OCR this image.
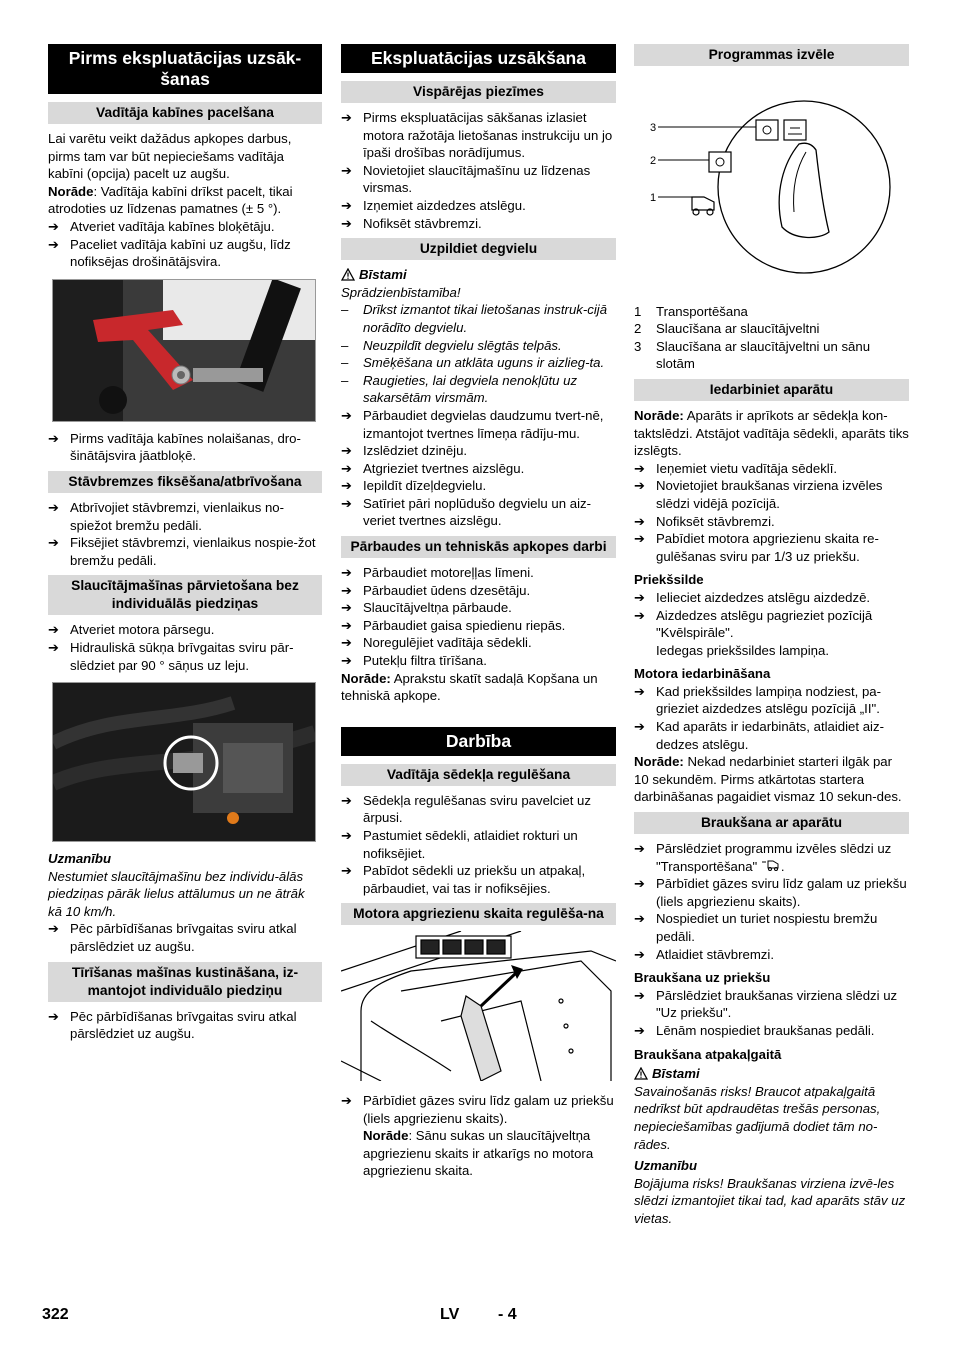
Pirms ekspluatācijas uzsāk-šanas
Vadītāja kabīnes pacelšana

Lai varētu veikt dažādus apkopes darbus, pirms tam var būt nepieciešams vadītāja kabīni (opcija) pacelt uz augšu.

Norāde: Vadītāja kabīni drīkst pacelt, tikai atrodoties uz līdzenas pamatnes (± 5 °).

➔ Atveriet vadītāja kabīnes bloķētāju.
➔ Paceliet vadītāja kabīni uz augšu, līdz nofiksējas drošinātājsvira.
➔ Pirms vadītāja kabīnes nolaišanas, dro-šinātājsvira jāatbloķē.
Stāvbremzes fiksēšana/atbrīvošana
➔ Atbrīvojiet stāvbremzi, vienlaikus no-spiežot bremžu pedāli.
➔ Fiksējiet stāvbremzi, vienlaikus nospie-žot bremžu pedāli.
Slaucītājmašīnas pārvietošana bez individuālās piedziņas
➔ Atveriet motora pārsegu.
➔ Hidrauliskā sūkņa brīvgaitas sviru pār-slēdziet par 90 ° sāņus uz leju.
Uzmanību

Nestumiet slaucītājmašīnu bez individu-ālās piedziņas pārāk lielus attālumus un ne ātrāk kā 10 km/h.

➔ Pēc pārbīdīšanas brīvgaitas sviru atkal pārslēdziet uz augšu.
Tīrīšanas mašīnas kustināšana, iz-mantojot individuālo piedziņu
➔ Pēc pārbīdīšanas brīvgaitas sviru atkal pārslēdziet uz augšu.
Ekspluatācijas uzsākšana
Vispārējas piezīmes
➔ Pirms ekspluatācijas sākšanas izlasiet motora ražotāja lietošanas instrukciju un jo īpaši drošības norādījumus.
➔ Novietojiet slaucītājmašīnu uz līdzenas virsmas.
➔ Izņemiet aizdedzes atslēgu.
➔ Nofiksēt stāvbremzi.
Uzpildiet degvielu
Bīstami

Sprādzienbīstamība!

– Drīkst izmantot tikai lietošanas instruk-cijā norādīto degvielu.
– Neuzpildīt degvielu slēgtās telpās.
– Smēķēšana un atklāta uguns ir aizlieg-ta.
– Raugieties, lai degviela nenokļūtu uz sakarsētām virsmām.
➔ Pārbaudiet degvielas daudzumu tvert-nē, izmantojot tvertnes līmeņa rādīju-mu.
➔ Izslēdziet dzinēju.
➔ Atgrieziet tvertnes aizslēgu.
➔ Iepildīt dīzeļdegvielu.
➔ Satīriet pāri noplūdušo degvielu un aiz-veriet tvertnes aizslēgu.
Pārbaudes un tehniskās apkopes darbi
➔ Pārbaudiet motoreļļas līmeni.
➔ Pārbaudiet ūdens dzesētāju.
➔ Slaucītājveltņa pārbaude.
➔ Pārbaudiet gaisa spiedienu riepās.
➔ Noregulējiet vadītāja sēdekli.
➔ Putekļu filtra tīrīšana.

Norāde: Aprakstu skatīt sadaļā Kopšana un tehniskā apkope.

Darbība
Vadītāja sēdekļa regulēšana
➔ Sēdekļa regulēšanas sviru pavelciet uz ārpusi.
➔ Pastumiet sēdekli, atlaidiet rokturi un nofiksējiet.
➔ Pabīdot sēdekli uz priekšu un atpakaļ, pārbaudiet, vai tas ir nofiksējies.
Motora apgriezienu skaita regulēša-na
➔ Pārbīdiet gāzes sviru līdz galam uz priekšu (liels apgriezienu skaits).
Norāde: Sānu sukas un slaucītājveltņa apgriezienu skaits ir atkarīgs no motora apgriezienu skaita.
Programmas izvēle
3
2
1
1 Transportēšana
2 Slaucīšana ar slaucītājveltni
3 Slaucīšana ar slaucītājveltni un sānu slotām
Iedarbiniet aparātu

Norāde: Aparāts ir aprīkots ar sēdekļa kon-taktslēdzi. Atstājot vadītāja sēdekli, aparāts tiks izslēgts.

➔ Ieņemiet vietu vadītāja sēdeklī.
➔ Novietojiet braukšanas virziena izvēles slēdzi vidējā pozīcijā.
➔ Nofiksēt stāvbremzi.
➔ Pabīdiet motora apgriezienu skaita re-gulēšanas sviru par 1/3 uz priekšu.
Priekšsilde
➔ Ielieciet aizdedzes atslēgu aizdedzē.
➔ Aizdedzes atslēgu pagrieziet pozīcijā "Kvēlspirāle".

Iedegas priekšsildes lampiņa.

Motora iedarbināšana
➔ Kad priekšsildes lampiņa nodziest, pa-grieziet aizdedzes atslēgu pozīcijā „II".
➔ Kad aparāts ir iedarbināts, atlaidiet aiz-dedzes atslēgu.

Norāde: Nekad nedarbiniet starteri ilgāk par 10 sekundēm. Pirms atkārtotas startera darbināšanas pagaidiet vismaz 10 sekun-des.

Braukšana ar aparātu
➔ Pārslēdziet programmu izvēles slēdzi uz "Transportēšana" .
➔ Pārbīdiet gāzes sviru līdz galam uz priekšu (liels apgriezienu skaits).
➔ Nospiediet un turiet nospiestu bremžu pedāli.
➔ Atlaidiet stāvbremzi.
Braukšana uz priekšu
➔ Pārslēdziet braukšanas virziena slēdzi uz "Uz priekšu".
➔ Lēnām nospiediet braukšanas pedāli.
Braukšana atpakaļgaitā
Bīstami

Savainošanās risks! Braucot atpakaļgaitā nedrīkst būt apdraudētas trešās personas, nepieciešamības gadījumā dodiet tām no-rādes.

Uzmanību

Bojājuma risks! Braukšanas virziena izvē-les slēdzi izmantojiet tikai tad, kad aparāts stāv uz vietas.

322	LV - 4
